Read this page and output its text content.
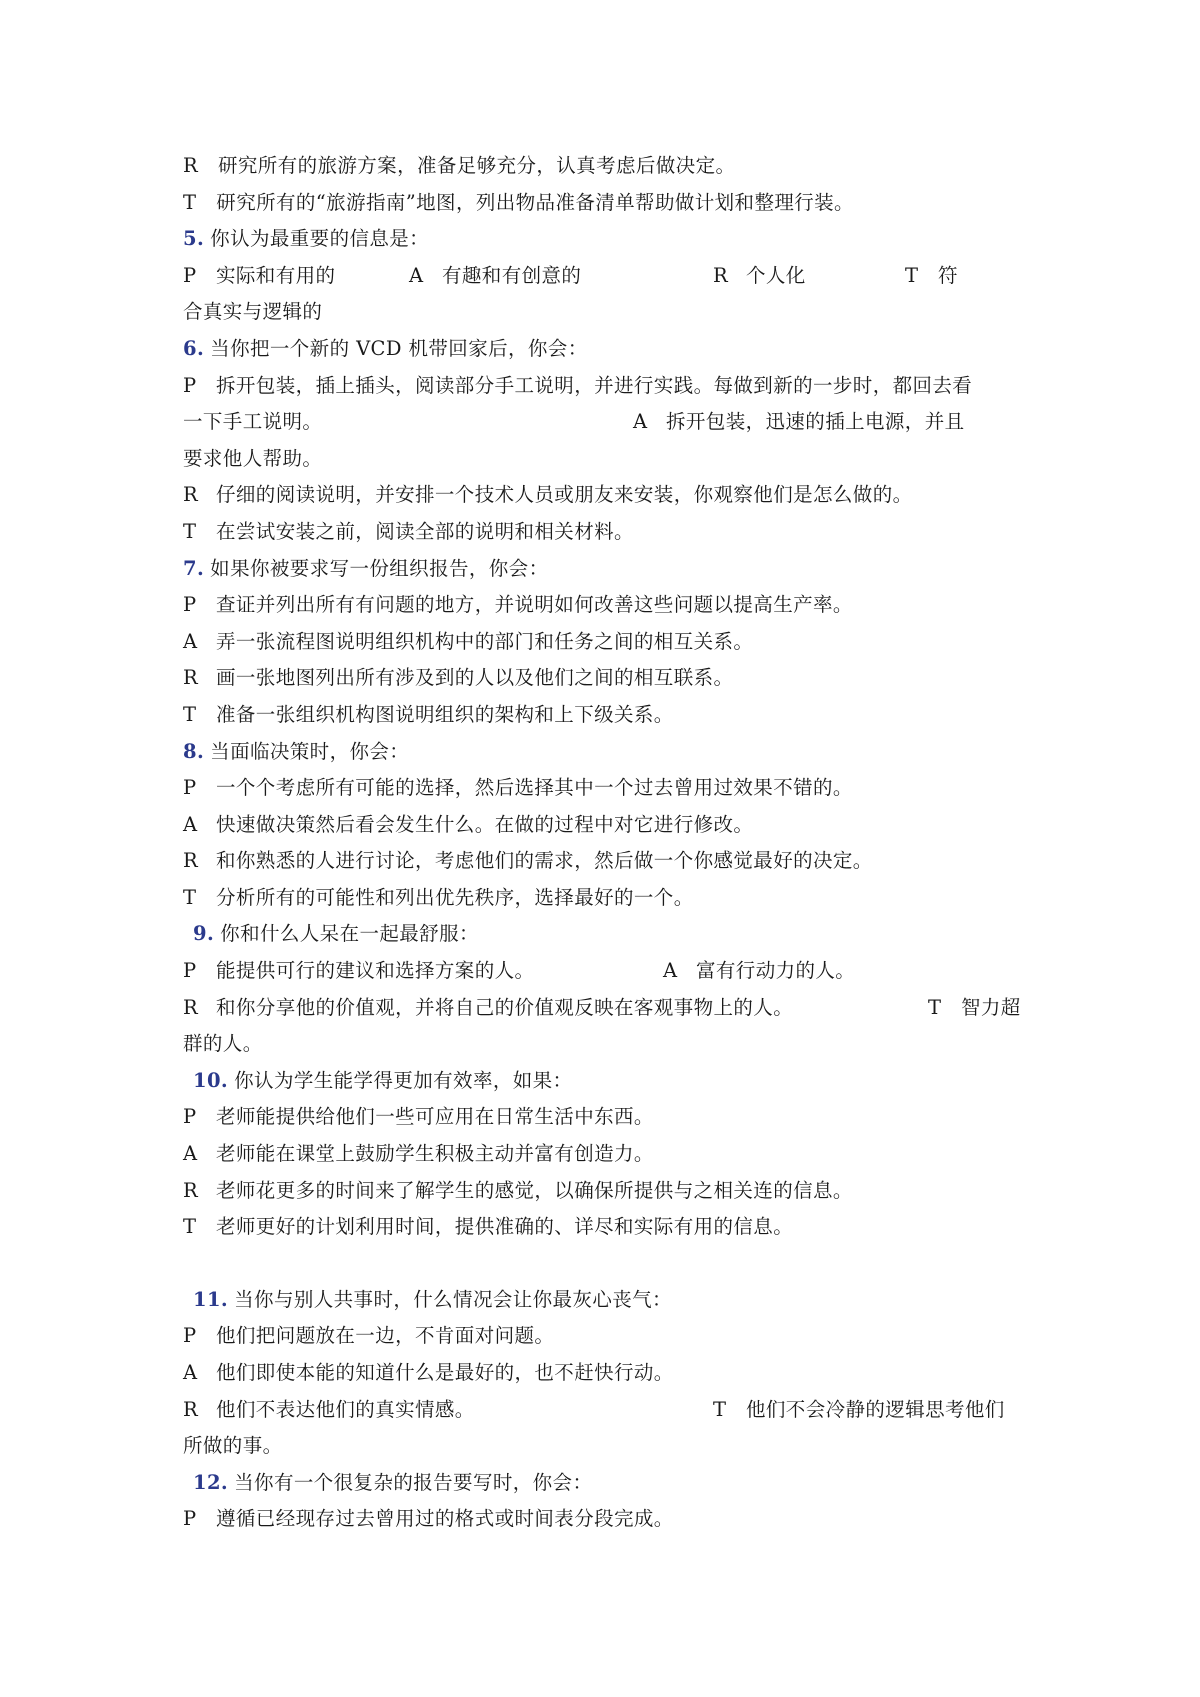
R　研究所有的旅游方案，准备足够充分，认真考虑后做决定。
T　研究所有的“旅游指南”地图，列出物品准备清单帮助做计划和整理行装。
5. 你认为最重要的信息是：
P 实际和有用的	A 有趣和有创意的	R 个人化	T 符
合真实与逻辑的
6. 当你把一个新的 VCD 机带回家后，你会：
P 拆开包装，插上插头，阅读部分手工说明，并进行实践。每做到新的一步时，都回去看
一下手工说明。	A 拆开包装，迅速的插上电源，并且
要求他人帮助。
R 仔细的阅读说明，并安排一个技术人员或朋友来安装，你观察他们是怎么做的。
T 在尝试安装之前，阅读全部的说明和相关材料。
7. 如果你被要求写一份组织报告，你会：
P 查证并列出所有有问题的地方，并说明如何改善这些问题以提高生产率。
A 弄一张流程图说明组织机构中的部门和任务之间的相互关系。
R 画一张地图列出所有涉及到的人以及他们之间的相互联系。
T 准备一张组织机构图说明组织的架构和上下级关系。
8. 当面临决策时，你会：
P 一个个考虑所有可能的选择，然后选择其中一个过去曾用过效果不错的。
A 快速做决策然后看会发生什么。在做的过程中对它进行修改。
R 和你熟悉的人进行讨论，考虑他们的需求，然后做一个你感觉最好的决定。
T 分析所有的可能性和列出优先秩序，选择最好的一个。
9. 你和什么人呆在一起最舒服：
P 能提供可行的建议和选择方案的人。	A 富有行动力的人。
R 和你分享他的价值观，并将自己的价值观反映在客观事物上的人。	T 智力超
群的人。
10. 你认为学生能学得更加有效率，如果：
P 老师能提供给他们一些可应用在日常生活中东西。
A 老师能在课堂上鼓励学生积极主动并富有创造力。
R 老师花更多的时间来了解学生的感觉，以确保所提供与之相关连的信息。
T 老师更好的计划利用时间，提供准确的、详尽和实际有用的信息。
11. 当你与别人共事时，什么情况会让你最灰心丧气：
P 他们把问题放在一边，不肯面对问题。
A 他们即使本能的知道什么是最好的，也不赶快行动。
R 他们不表达他们的真实情感。	T 他们不会冷静的逻辑思考他们
所做的事。
12. 当你有一个很复杂的报告要写时，你会：
P 遵循已经现存过去曾用过的格式或时间表分段完成。
